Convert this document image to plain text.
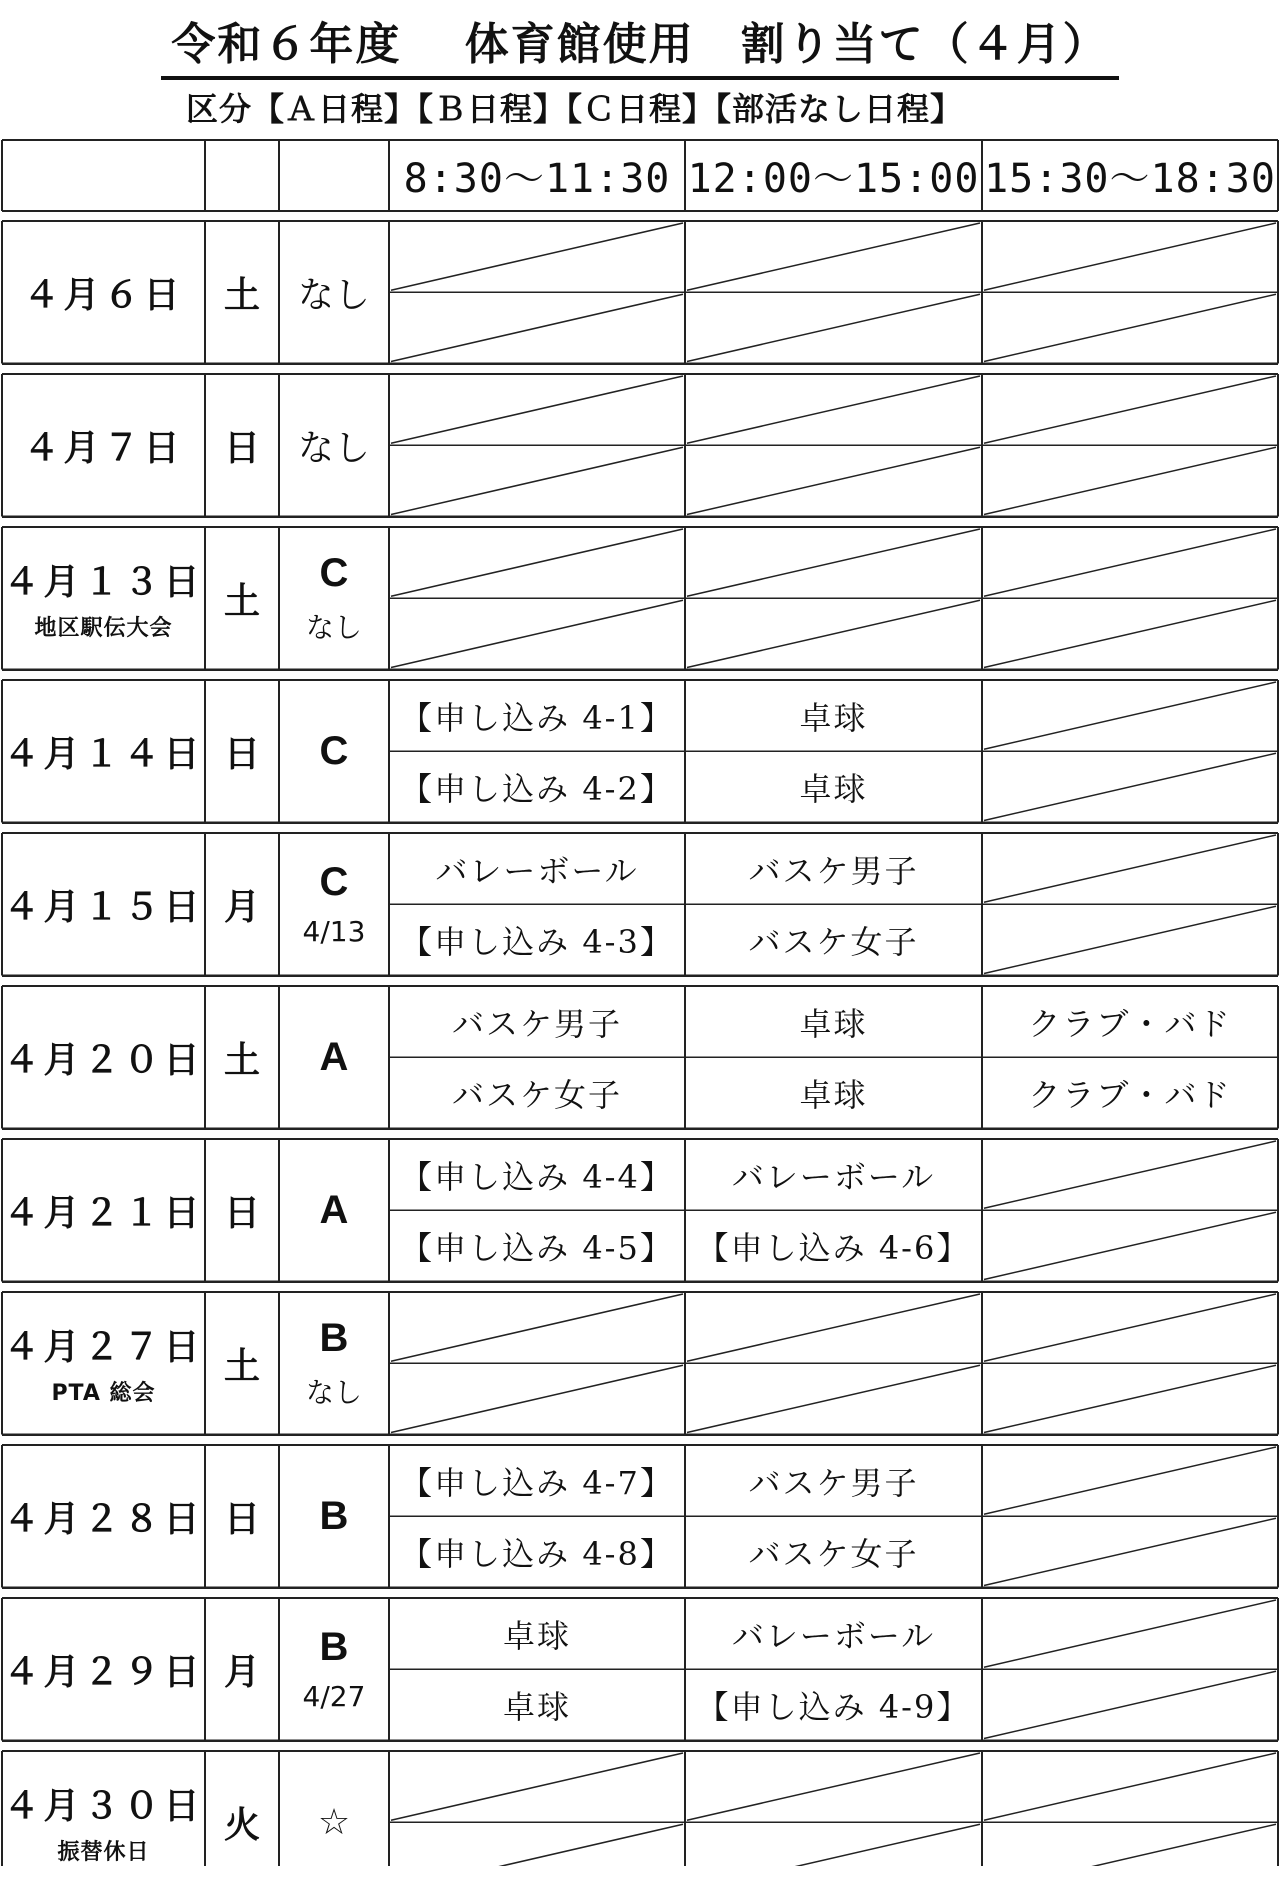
令和６年度　 体育館使用　割り当て（４月）
区分【Ａ日程】【Ｂ日程】【Ｃ日程】【部活なし日程】
8:30～11:30 12:00～15:00 15:30～18:30
４月６日 土 なし
４月７日 日 なし
４月１３日
地区駅伝大会
土
C
なし
４月１４日 日 C
【申し込み 4-1】
【申し込み 4-2】
卓球
卓球
４月１５日 月
C
4/13
バレーボール
【申し込み 4-3】
バスケ男子
バスケ女子
４月２０日 土 A
バスケ男子
バスケ女子
卓球
卓球
クラブ・バド
クラブ・バド
４月２１日 日 A
【申し込み 4-4】
【申し込み 4-5】
バレーボール
【申し込み 4-6】
４月２７日
PTA 総会
土
B
なし
４月２８日 日 B
【申し込み 4-7】
【申し込み 4-8】
バスケ男子
バスケ女子
４月２９日 月
B
4/27
卓球
卓球
バレーボール
【申し込み 4-9】
４月３０日
振替休日
火 ☆
